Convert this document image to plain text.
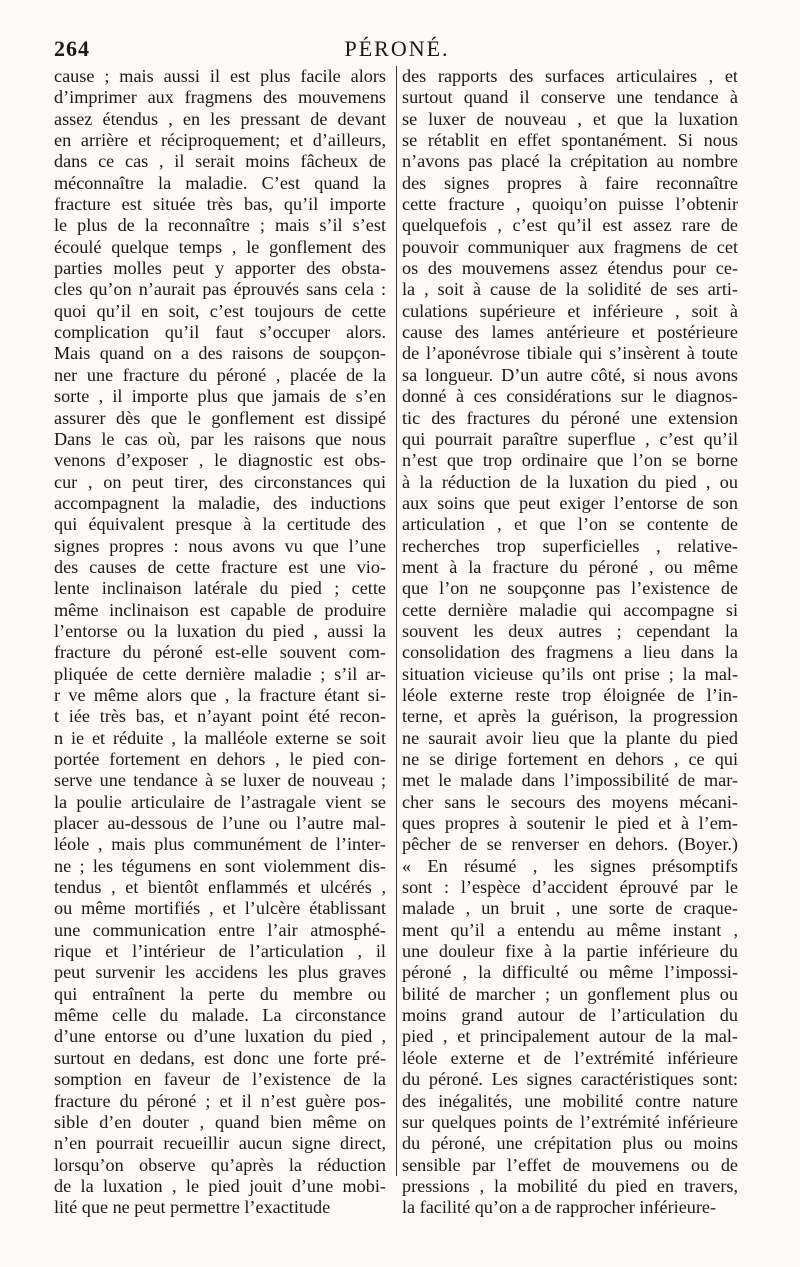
264	PÉRONÉ.
cause ; mais aussi il est plus facile alors
d’imprimer aux fragmens des mouvemens
assez étendus , en les pressant de devant
en arrière et réciproquement; et d’ailleurs,
dans ce cas , il serait moins fâcheux de
méconnaître la maladie. C’est quand la
fracture est située très bas, qu’il importe
le plus de la reconnaître ; mais s’il s’est
écoulé quelque temps , le gonflement des
parties molles peut y apporter des obsta-
cles qu’on n’aurait pas éprouvés sans cela :
quoi qu’il en soit, c’est toujours de cette
complication qu’il faut s’occuper alors.
Mais quand on a des raisons de soupçon-
ner une fracture du péroné , placée de la
sorte , il importe plus que jamais de s’en
assurer dès que le gonflement est dissipé
Dans le cas où, par les raisons que nous
venons d’exposer , le diagnostic est obs-
cur , on peut tirer, des circonstances qui
accompagnent la maladie, des inductions
qui équivalent presque à la certitude des
signes propres : nous avons vu que l’une
des causes de cette fracture est une vio-
lente inclinaison latérale du pied ; cette
même inclinaison est capable de produire
l’entorse ou la luxation du pied , aussi la
fracture du péroné est-elle souvent com-
pliquée de cette dernière maladie ; s’il ar-
r ve même alors que , la fracture étant si-
t iée très bas, et n’ayant point été recon-
n ie et réduite , la malléole externe se soit
portée fortement en dehors , le pied con-
serve une tendance à se luxer de nouveau ;
la poulie articulaire de l’astragale vient se
placer au-dessous de l’une ou l’autre mal-
léole , mais plus communément de l’inter-
ne ; les tégumens en sont violemment dis-
tendus , et bientôt enflammés et ulcérés ,
ou même mortifiés , et l’ulcère établissant
une communication entre l’air atmosphé-
rique et l’intérieur de l’articulation , il
peut survenir les accidens les plus graves
qui entraînent la perte du membre ou
même celle du malade. La circonstance
d’une entorse ou d’une luxation du pied ,
surtout en dedans, est donc une forte pré-
somption en faveur de l’existence de la
fracture du péroné ; et il n’est guère pos-
sible d’en douter , quand bien même on
n’en pourrait recueillir aucun signe direct,
lorsqu’on observe qu’après la réduction
de la luxation , le pied jouit d’une mobi-
lité que ne peut permettre l’exactitude
des rapports des surfaces articulaires , et
surtout quand il conserve une tendance à
se luxer de nouveau , et que la luxation
se rétablit en effet spontanément. Si nous
n’avons pas placé la crépitation au nombre
des signes propres à faire reconnaître
cette fracture , quoiqu’on puisse l’obtenir
quelquefois , c’est qu’il est assez rare de
pouvoir communiquer aux fragmens de cet
os des mouvemens assez étendus pour ce-
la , soit à cause de la solidité de ses arti-
culations supérieure et inférieure , soit à
cause des lames antérieure et postérieure
de l’aponévrose tibiale qui s’insèrent à toute
sa longueur. D’un autre côté, si nous avons
donné à ces considérations sur le diagnos-
tic des fractures du péroné une extension
qui pourrait paraître superflue , c’est qu’il
n’est que trop ordinaire que l’on se borne
à la réduction de la luxation du pied , ou
aux soins que peut exiger l’entorse de son
articulation , et que l’on se contente de
recherches trop superficielles , relative-
ment à la fracture du péroné , ou même
que l’on ne soupçonne pas l’existence de
cette dernière maladie qui accompagne si
souvent les deux autres ; cependant la
consolidation des fragmens a lieu dans la
situation vicieuse qu’ils ont prise ; la mal-
léole externe reste trop éloignée de l’in-
terne, et après la guérison, la progression
ne saurait avoir lieu que la plante du pied
ne se dirige fortement en dehors , ce qui
met le malade dans l’impossibilité de mar-
cher sans le secours des moyens mécani-
ques propres à soutenir le pied et à l’em-
pêcher de se renverser en dehors. (Boyer.)
« En résumé , les signes présomptifs
sont : l’espèce d’accident éprouvé par le
malade , un bruit , une sorte de craque-
ment qu’il a entendu au même instant ,
une douleur fixe à la partie inférieure du
péroné , la difficulté ou même l’impossi-
bilité de marcher ; un gonflement plus ou
moins grand autour de l’articulation du
pied , et principalement autour de la mal-
léole externe et de l’extrémité inférieure
du péroné. Les signes caractéristiques sont:
des inégalités, une mobilité contre nature
sur quelques points de l’extrémité inférieure
du péroné, une crépitation plus ou moins
sensible par l’effet de mouvemens ou de
pressions , la mobilité du pied en travers,
la facilité qu’on a de rapprocher inférieure-
